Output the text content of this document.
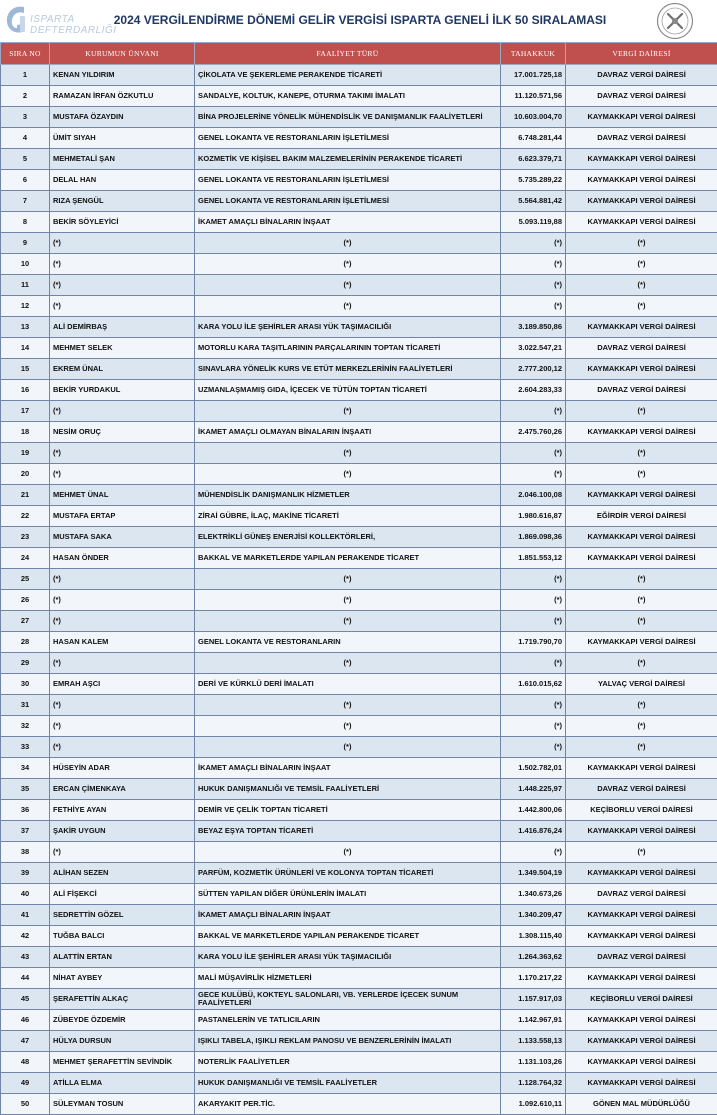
ISPARTA
DEFTERDARLIĞI
2024 VERGİLENDİRME DÖNEMİ GELİR VERGİSİ ISPARTA GENELİ İLK 50 SIRALAMASI
SIRA NO	KURUMUN ÜNVANI	FAALİYET TÜRÜ	TAHAKKUK	VERGİ DAİRESİ
1	KENAN YILDIRIM	ÇİKOLATA VE ŞEKERLEME PERAKENDE TİCARETİ	17.001.725,18	DAVRAZ VERGİ DAİRESİ
2	RAMAZAN İRFAN ÖZKUTLU	SANDALYE, KOLTUK, KANEPE, OTURMA TAKIMI İMALATI	11.120.571,56	DAVRAZ VERGİ DAİRESİ
3	MUSTAFA ÖZAYDIN	BİNA PROJELERİNE YÖNELİK MÜHENDİSLİK VE DANIŞMANLIK FAALİYETLERİ	10.603.004,70	KAYMAKKAPI VERGİ DAİRESİ
4	ÜMİT SIYAH	GENEL LOKANTA VE RESTORANLARIN İŞLETİLMESİ	6.748.281,44	DAVRAZ VERGİ DAİRESİ
5	MEHMETALİ ŞAN	KOZMETİK VE KİŞİSEL BAKIM MALZEMELERİNİN PERAKENDE TİCARETİ	6.623.379,71	KAYMAKKAPI VERGİ DAİRESİ
6	DELAL HAN	GENEL LOKANTA VE RESTORANLARIN İŞLETİLMESİ	5.735.289,22	KAYMAKKAPI VERGİ DAİRESİ
7	RIZA ŞENGÜL	GENEL LOKANTA VE RESTORANLARIN İŞLETİLMESİ	5.564.881,42	KAYMAKKAPI VERGİ DAİRESİ
8	BEKİR SÖYLEYİCİ	İKAMET AMAÇLI BİNALARIN İNŞAAT	5.093.119,88	KAYMAKKAPI VERGİ DAİRESİ
9	(*)	(*)	(*)	(*)
10	(*)	(*)	(*)	(*)
11	(*)	(*)	(*)	(*)
12	(*)	(*)	(*)	(*)
13	ALİ DEMİRBAŞ	KARA YOLU İLE ŞEHİRLER ARASI YÜK TAŞIMACILIĞI	3.189.850,86	KAYMAKKAPI VERGİ DAİRESİ
14	MEHMET SELEK	MOTORLU KARA TAŞITLARININ PARÇALARININ TOPTAN TİCARETİ	3.022.547,21	DAVRAZ VERGİ DAİRESİ
15	EKREM ÜNAL	SINAVLARA YÖNELİK KURS VE ETÜT MERKEZLERİNİN FAALİYETLERİ	2.777.200,12	KAYMAKKAPI VERGİ DAİRESİ
16	BEKİR YURDAKUL	UZMANLAŞMAMIŞ GIDA, İÇECEK VE TÜTÜN TOPTAN TİCARETİ	2.604.283,33	DAVRAZ VERGİ DAİRESİ
17	(*)	(*)	(*)	(*)
18	NESİM ORUÇ	İKAMET AMAÇLI OLMAYAN BİNALARIN İNŞAATI	2.475.760,26	KAYMAKKAPI VERGİ DAİRESİ
19	(*)	(*)	(*)	(*)
20	(*)	(*)	(*)	(*)
21	MEHMET ÜNAL	MÜHENDİSLİK DANIŞMANLIK HİZMETLER	2.046.100,08	KAYMAKKAPI VERGİ DAİRESİ
22	MUSTAFA ERTAP	ZİRAİ GÜBRE, İLAÇ, MAKİNE TİCARETİ	1.980.616,87	EĞİRDİR VERGİ DAİRESİ
23	MUSTAFA SAKA	ELEKTRİKLİ GÜNEŞ ENERJİSİ KOLLEKTÖRLERİ,	1.869.098,36	KAYMAKKAPI VERGİ DAİRESİ
24	HASAN ÖNDER	BAKKAL VE MARKETLERDE YAPILAN PERAKENDE TİCARET	1.851.553,12	KAYMAKKAPI VERGİ DAİRESİ
25	(*)	(*)	(*)	(*)
26	(*)	(*)	(*)	(*)
27	(*)	(*)	(*)	(*)
28	HASAN KALEM	GENEL LOKANTA VE RESTORANLARIN	1.719.790,70	KAYMAKKAPI VERGİ DAİRESİ
29	(*)	(*)	(*)	(*)
30	EMRAH AŞCI	DERİ VE KÜRKLÜ DERİ İMALATI	1.610.015,62	YALVAÇ VERGİ DAİRESİ
31	(*)	(*)	(*)	(*)
32	(*)	(*)	(*)	(*)
33	(*)	(*)	(*)	(*)
34	HÜSEYİN ADAR	İKAMET AMAÇLI BİNALARIN İNŞAAT	1.502.782,01	KAYMAKKAPI VERGİ DAİRESİ
35	ERCAN ÇİMENKAYA	HUKUK DANIŞMANLIĞI VE TEMSİL FAALİYETLERİ	1.448.225,97	DAVRAZ VERGİ DAİRESİ
36	FETHİYE AYAN	DEMİR VE ÇELİK TOPTAN TİCARETİ	1.442.800,06	KEÇİBORLU VERGİ DAİRESİ
37	ŞAKİR UYGUN	BEYAZ EŞYA TOPTAN TİCARETİ	1.416.876,24	KAYMAKKAPI VERGİ DAİRESİ
38	(*)	(*)	(*)	(*)
39	ALİHAN SEZEN	PARFÜM, KOZMETİK ÜRÜNLERİ VE KOLONYA TOPTAN TİCARETİ	1.349.504,19	KAYMAKKAPI VERGİ DAİRESİ
40	ALİ FİŞEKCİ	SÜTTEN YAPILAN DİĞER ÜRÜNLERİN İMALATI	1.340.673,26	DAVRAZ VERGİ DAİRESİ
41	SEDRETTİN GÖZEL	İKAMET AMAÇLI BİNALARIN İNŞAAT	1.340.209,47	KAYMAKKAPI VERGİ DAİRESİ
42	TUĞBA BALCI	BAKKAL VE MARKETLERDE YAPILAN PERAKENDE TİCARET	1.308.115,40	KAYMAKKAPI VERGİ DAİRESİ
43	ALATTİN ERTAN	KARA YOLU İLE ŞEHİRLER ARASI YÜK TAŞIMACILIĞI	1.264.363,62	DAVRAZ VERGİ DAİRESİ
44	NİHAT AYBEY	MALİ MÜŞAVİRLİK HİZMETLERİ	1.170.217,22	KAYMAKKAPI VERGİ DAİRESİ
45	ŞERAFETTİN ALKAÇ	GECE KULÜBÜ, KOKTEYL SALONLARI, VB. YERLERDE İÇECEK SUNUM FAALİYETLERİ	1.157.917,03	KEÇİBORLU VERGİ DAİRESİ
46	ZÜBEYDE ÖZDEMİR	PASTANELERİN VE TATLICILARIN	1.142.967,91	KAYMAKKAPI VERGİ DAİRESİ
47	HÜLYA DURSUN	IŞIKLI TABELA, IŞIKLI REKLAM PANOSU VE BENZERLERİNİN İMALATI	1.133.558,13	KAYMAKKAPI VERGİ DAİRESİ
48	MEHMET ŞERAFETTİN SEVİNDİK	NOTERLİK FAALİYETLER	1.131.103,26	KAYMAKKAPI VERGİ DAİRESİ
49	ATİLLA ELMA	HUKUK DANIŞMANLIĞI VE TEMSİL FAALİYETLER	1.128.764,32	KAYMAKKAPI VERGİ DAİRESİ
50	SÜLEYMAN TOSUN	AKARYAKIT PER.TİC.	1.092.610,11	GÖNEN MAL MÜDÜRLÜĞÜ
